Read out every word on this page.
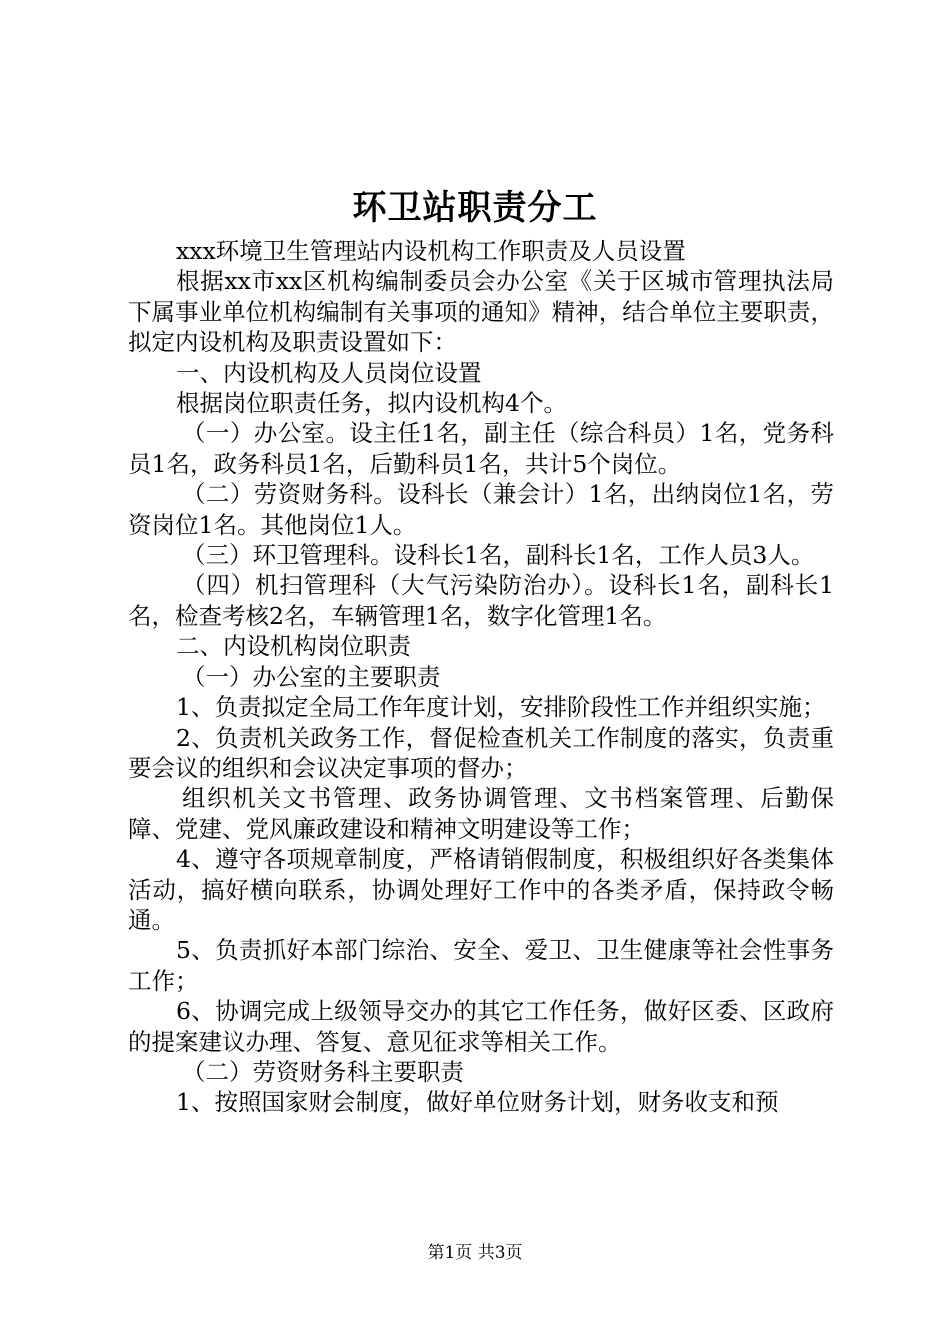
环卫站职责分工

xxx环境卫生管理站内设机构工作职责及人员设置

根据xx市xx区机构编制委员会办公室《关于区城市管理执法局下属事业单位机构编制有关事项的通知》精神，结合单位主要职责，拟定内设机构及职责设置如下：

一、内设机构及人员岗位设置

根据岗位职责任务，拟内设机构4个。

（一）办公室。设主任1名，副主任（综合科员）1名，党务科员1名，政务科员1名，后勤科员1名，共计5个岗位。

（二）劳资财务科。设科长（兼会计）1名，出纳岗位1名，劳资岗位1名。其他岗位1人。

（三）环卫管理科。设科长1名，副科长1名，工作人员3人。

（四）机扫管理科（大气污染防治办）。设科长1名，副科长1名，检查考核2名，车辆管理1名，数字化管理1名。

二、内设机构岗位职责

（一）办公室的主要职责

1、负责拟定全局工作年度计划，安排阶段性工作并组织实施；

2、负责机关政务工作，督促检查机关工作制度的落实，负责重要会议的组织和会议决定事项的督办；

组织机关文书管理、政务协调管理、文书档案管理、后勤保障、党建、党风廉政建设和精神文明建设等工作；

4、遵守各项规章制度，严格请销假制度，积极组织好各类集体活动，搞好横向联系，协调处理好工作中的各类矛盾，保持政令畅通。

5、负责抓好本部门综治、安全、爱卫、卫生健康等社会性事务工作；

6、协调完成上级领导交办的其它工作任务，做好区委、区政府的提案建议办理、答复、意见征求等相关工作。

（二）劳资财务科主要职责

1、按照国家财会制度，做好单位财务计划，财务收支和预

第1页 共3页
